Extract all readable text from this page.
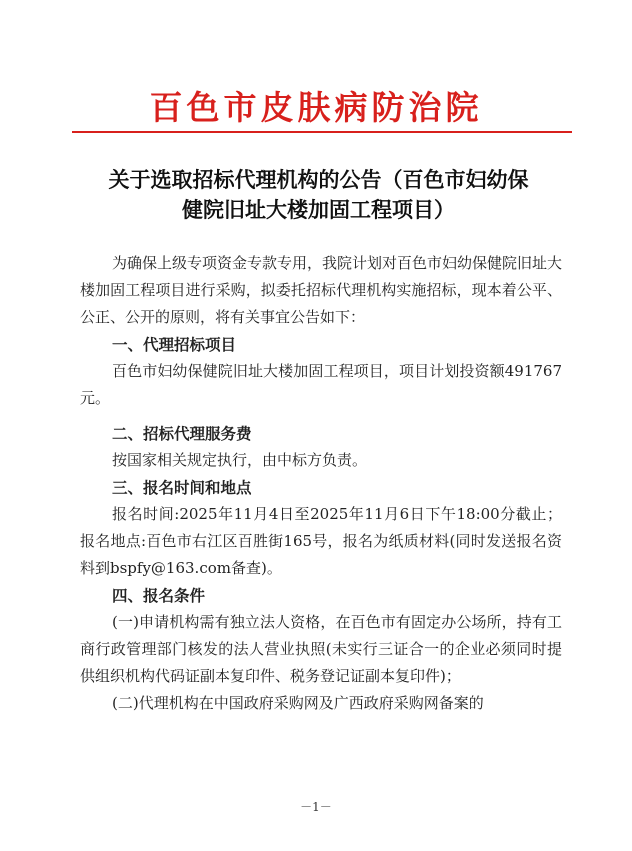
百色市皮肤病防治院
关于选取招标代理机构的公告（百色市妇幼保
健院旧址大楼加固工程项目）

为确保上级专项资金专款专用，我院计划对百色市妇幼保健院旧址大楼加固工程项目进行采购，拟委托招标代理机构实施招标，现本着公平、公正、公开的原则，将有关事宜公告如下：

一、代理招标项目

百色市妇幼保健院旧址大楼加固工程项目，项目计划投资额491767元。

二、招标代理服务费

按国家相关规定执行，由中标方负责。

三、报名时间和地点

报名时间:2025年11月4日至2025年11月6日下午18:00分截止；报名地点:百色市右江区百胜街165号，报名为纸质材料(同时发送报名资料到bspfy@163.com备查)。

四、报名条件

(一)申请机构需有独立法人资格，在百色市有固定办公场所，持有工商行政管理部门核发的法人营业执照(未实行三证合一的企业必须同时提供组织机构代码证副本复印件、税务登记证副本复印件)；

(二)代理机构在中国政府采购网及广西政府采购网备案的

－1－
